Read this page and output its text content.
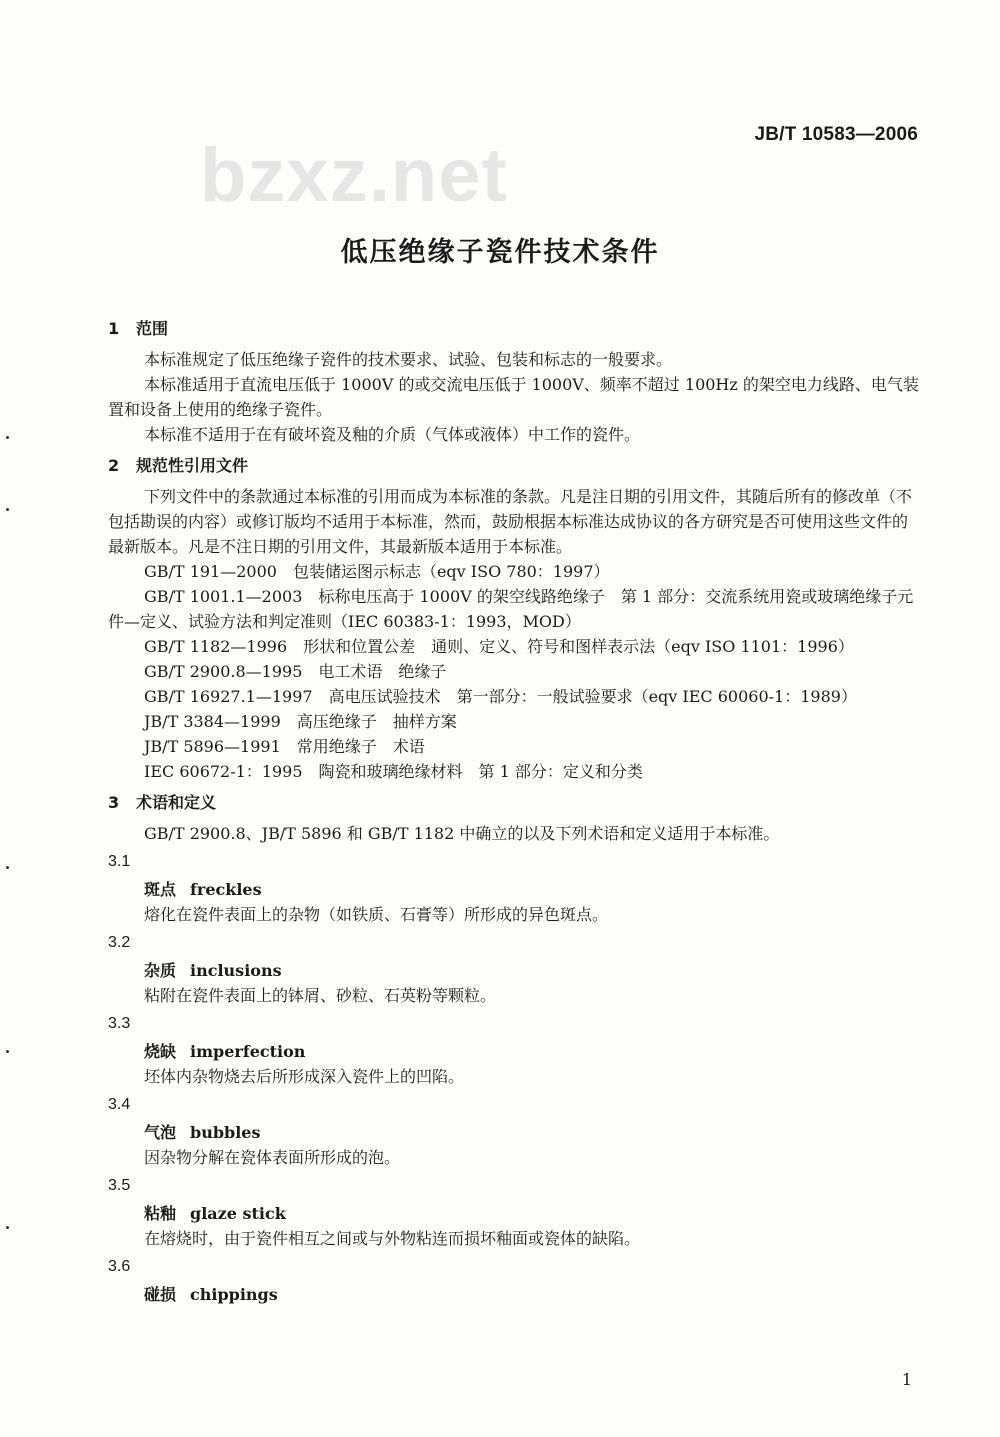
bzxz.net	JB/T 10583—2006
低压绝缘子瓷件技术条件

1 范围

本标准规定了低压绝缘子瓷件的技术要求、试验、包装和标志的一般要求。

本标准适用于直流电压低于 1000V 的或交流电压低于 1000V、频率不超过 100Hz 的架空电力线路、电气装置和设备上使用的绝缘子瓷件。

本标准不适用于在有破坏瓷及釉的介质（气体或液体）中工作的瓷件。

2 规范性引用文件

下列文件中的条款通过本标准的引用而成为本标准的条款。凡是注日期的引用文件，其随后所有的修改单（不包括勘误的内容）或修订版均不适用于本标准，然而，鼓励根据本标准达成协议的各方研究是否可使用这些文件的最新版本。凡是不注日期的引用文件，其最新版本适用于本标准。

GB/T 191—2000　包装储运图示标志（eqv ISO 780：1997）

GB/T 1001.1—2003　标称电压高于 1000V 的架空线路绝缘子　第 1 部分：交流系统用瓷或玻璃绝缘子元件—定义、试验方法和判定准则（IEC 60383-1：1993，MOD）

GB/T 1182—1996　形状和位置公差　通则、定义、符号和图样表示法（eqv ISO 1101：1996）

GB/T 2900.8—1995　电工术语　绝缘子

GB/T 16927.1—1997　高电压试验技术　第一部分：一般试验要求（eqv IEC 60060-1：1989）

JB/T 3384—1999　高压绝缘子　抽样方案

JB/T 5896—1991　常用绝缘子　术语

IEC 60672-1：1995　陶瓷和玻璃绝缘材料　第 1 部分：定义和分类

3 术语和定义

GB/T 2900.8、JB/T 5896 和 GB/T 1182 中确立的以及下列术语和定义适用于本标准。

3.1

斑点 freckles

熔化在瓷件表面上的杂物（如铁质、石膏等）所形成的异色斑点。

3.2

杂质 inclusions

粘附在瓷件表面上的钵屑、砂粒、石英粉等颗粒。

3.3

烧缺 imperfection

坯体内杂物烧去后所形成深入瓷件上的凹陷。

3.4

气泡 bubbles

因杂物分解在瓷体表面所形成的泡。

3.5

粘釉 glaze stick

在熔烧时，由于瓷件相互之间或与外物粘连而损坏釉面或瓷体的缺陷。

3.6

碰损 chippings

1
